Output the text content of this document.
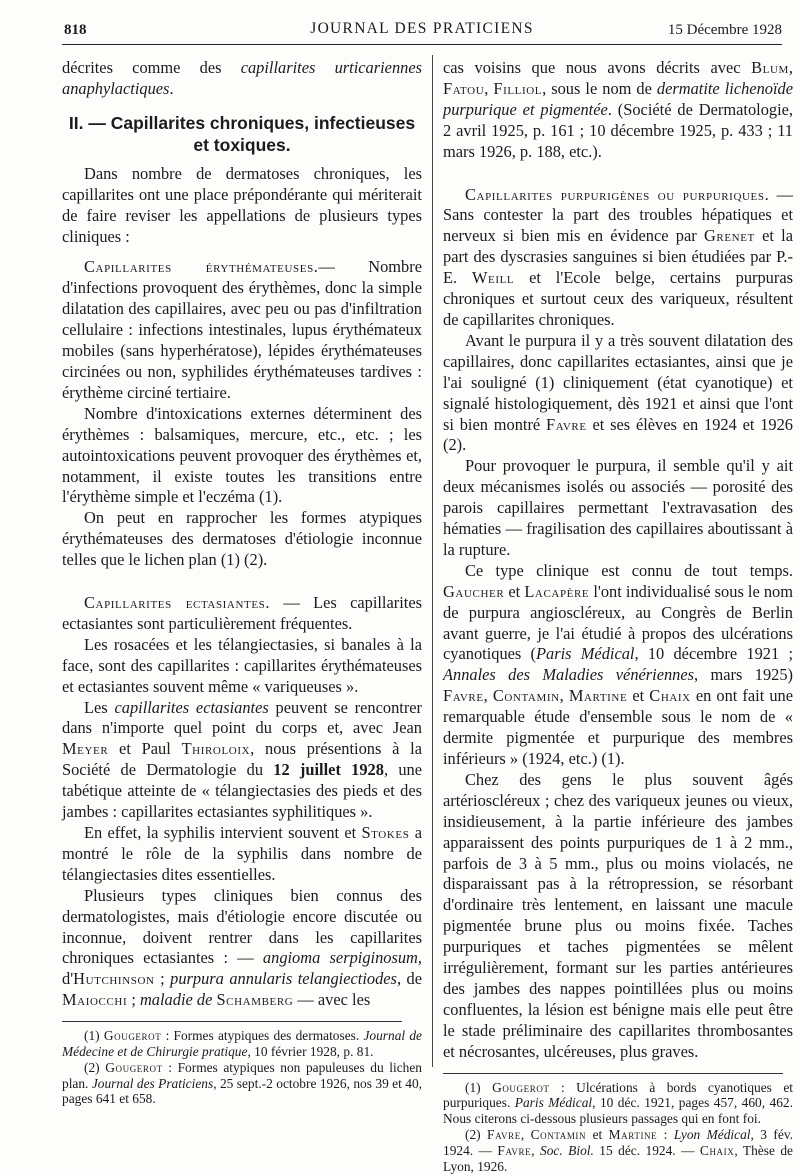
818	JOURNAL DES PRATICIENS	15 Décembre 1928

décrites comme des capillarites urticariennes anaphylactiques.

II. — Capillarites chroniques, infectieuses
et toxiques.

Dans nombre de dermatoses chroniques, les capillarites ont une place prépondérante qui mériterait de faire reviser les appellations de plusieurs types cliniques :

Capillarites érythémateuses.— Nombre d'infections provoquent des érythèmes, donc la simple dilatation des capillaires, avec peu ou pas d'infiltration cellulaire : infections intestinales, lupus érythémateux mobiles (sans hyperhératose), lépides érythémateuses circinées ou non, syphilides érythémateuses tardives : érythème circiné tertiaire.

Nombre d'intoxications externes déterminent des érythèmes : balsamiques, mercure, etc., etc. ; les autointoxications peuvent provoquer des érythèmes et, notamment, il existe toutes les transitions entre l'érythème simple et l'eczéma (1).

On peut en rapprocher les formes atypiques érythémateuses des dermatoses d'étiologie inconnue telles que le lichen plan (1) (2).

Capillarites ectasiantes. — Les capillarites ectasiantes sont particulièrement fréquentes.

Les rosacées et les télangiectasies, si banales à la face, sont des capillarites : capillarites érythémateuses et ectasiantes souvent même « variqueuses ».

Les capillarites ectasiantes peuvent se rencontrer dans n'importe quel point du corps et, avec Jean Meyer et Paul Thiroloix, nous présentions à la Société de Dermatologie du 12 juillet 1928, une tabétique atteinte de « télangiectasies des pieds et des jambes : capillarites ectasiantes syphilitiques ».

En effet, la syphilis intervient souvent et Stokes a montré le rôle de la syphilis dans nombre de télangiectasies dites essentielles.

Plusieurs types cliniques bien connus des dermatologistes, mais d'étiologie encore discutée ou inconnue, doivent rentrer dans les capillarites chroniques ectasiantes : — angioma serpiginosum, d'Hutchinson ; purpura annularis telangiectiodes, de Maiocchi ; maladie de Schamberg — avec les

(1) Gougerot : Formes atypiques des dermatoses. Journal de Médecine et de Chirurgie pratique, 10 février 1928, p. 81.

(2) Gougerot : Formes atypiques non papuleuses du lichen plan. Journal des Praticiens, 25 sept.-2 octobre 1926, nos 39 et 40, pages 641 et 658.

cas voisins que nous avons décrits avec Blum, Fatou, Filliol, sous le nom de dermatite lichenoïde purpurique et pigmentée. (Société de Dermatologie, 2 avril 1925, p. 161 ; 10 décembre 1925, p. 433 ; 11 mars 1926, p. 188, etc.).

Capillarites purpurigènes ou purpuriques. — Sans contester la part des troubles hépatiques et nerveux si bien mis en évidence par Grenet et la part des dyscrasies sanguines si bien étudiées par P.-E. Weill et l'Ecole belge, certains purpuras chroniques et surtout ceux des variqueux, résultent de capillarites chroniques.

Avant le purpura il y a très souvent dilatation des capillaires, donc capillarites ectasiantes, ainsi que je l'ai souligné (1) cliniquement (état cyanotique) et signalé histologiquement, dès 1921 et ainsi que l'ont si bien montré Favre et ses élèves en 1924 et 1926 (2).

Pour provoquer le purpura, il semble qu'il y ait deux mécanismes isolés ou associés — porosité des parois capillaires permettant l'extravasation des hématies — fragilisation des capillaires aboutissant à la rupture.

Ce type clinique est connu de tout temps. Gaucher et Lacapère l'ont individualisé sous le nom de purpura angioscléreux, au Congrès de Berlin avant guerre, je l'ai étudié à propos des ulcérations cyanotiques (Paris Médical, 10 décembre 1921 ; Annales des Maladies vénériennes, mars 1925) Favre, Contamin, Martine et Chaix en ont fait une remarquable étude d'ensemble sous le nom de « dermite pigmentée et purpurique des membres inférieurs » (1924, etc.) (1).

Chez des gens le plus souvent âgés artérioscléreux ; chez des variqueux jeunes ou vieux, insidieusement, à la partie inférieure des jambes apparaissent des points purpuriques de 1 à 2 mm., parfois de 3 à 5 mm., plus ou moins violacés, ne disparaissant pas à la rétropression, se résorbant d'ordinaire très lentement, en laissant une macule pigmentée brune plus ou moins fixée. Taches purpuriques et taches pigmentées se mêlent irrégulièrement, formant sur les parties antérieures des jambes des nappes pointillées plus ou moins confluentes, la lésion est bénigne mais elle peut être le stade préliminaire des capillarites thrombosantes et nécrosantes, ulcéreuses, plus graves.

(1) Gougerot : Ulcérations à bords cyanotiques et purpuriques. Paris Médical, 10 déc. 1921, pages 457, 460, 462. Nous citerons ci-dessous plusieurs passages qui en font foi.

(2) Favre, Contamin et Martine : Lyon Médical, 3 fév. 1924. — Favre, Soc. Biol. 15 déc. 1924. — Chaix, Thèse de Lyon, 1926.
